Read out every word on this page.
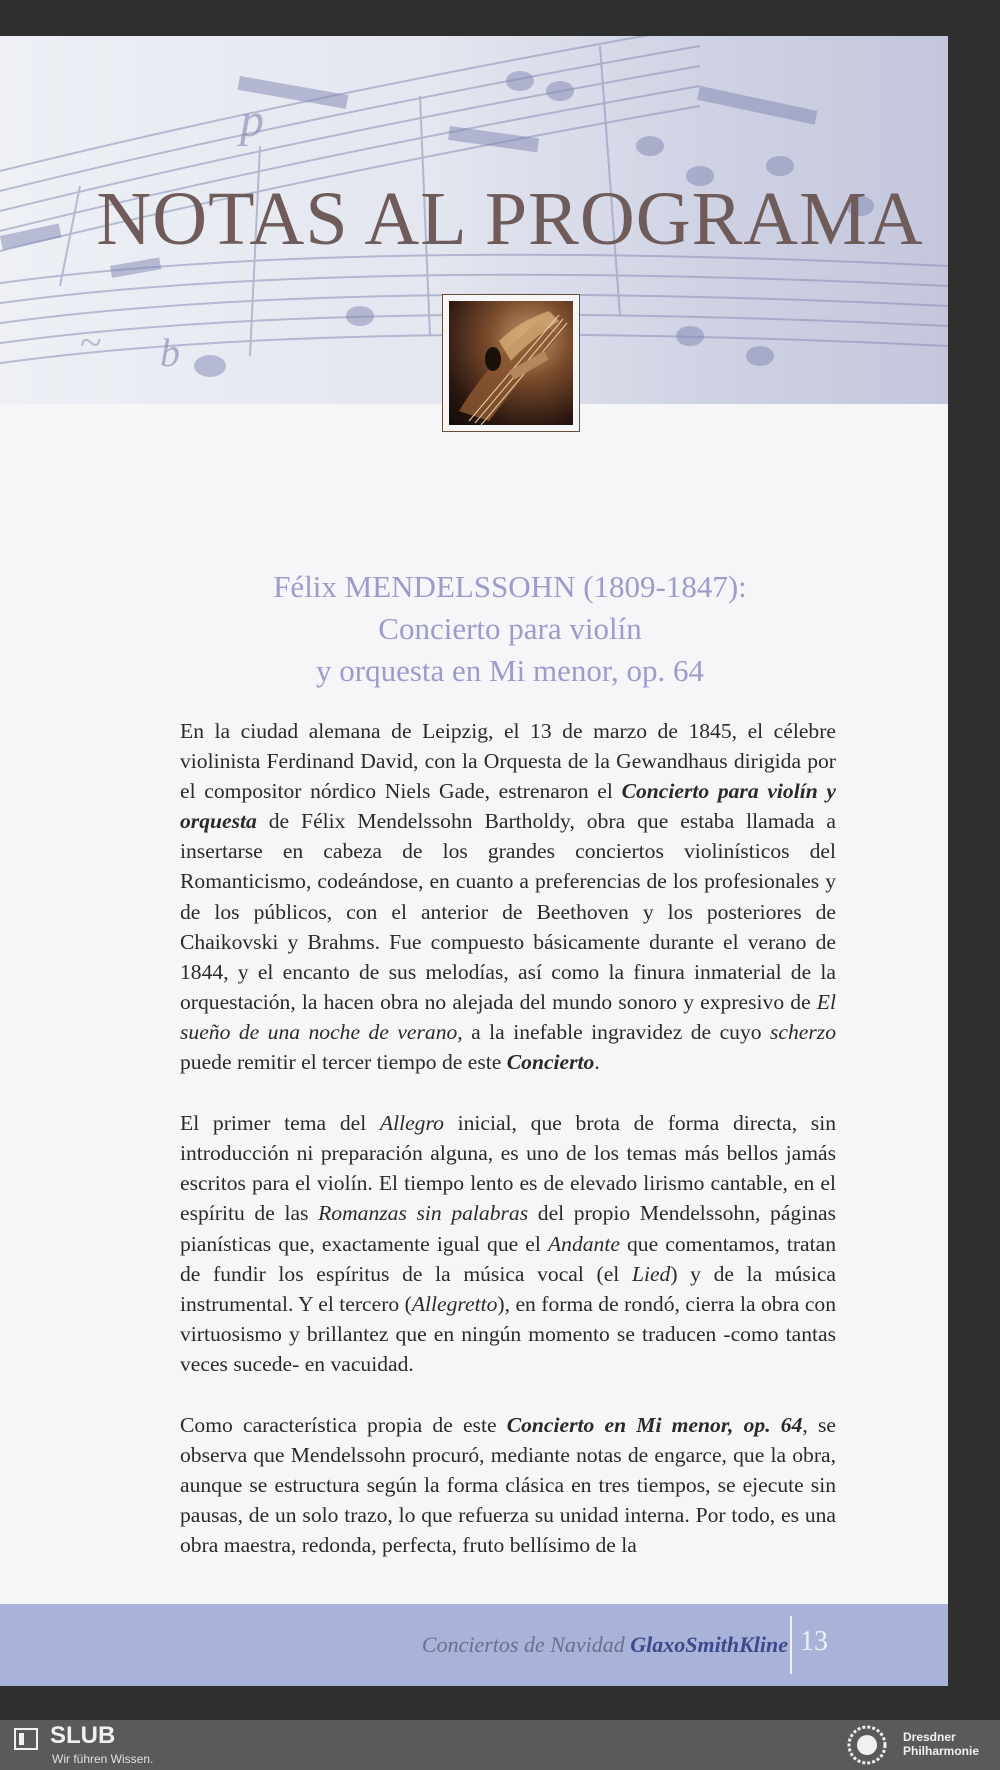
p
b
~
NOTAS AL PROGRAMA
Félix MENDELSSOHN (1809-1847):
Concierto para violín
y orquesta en Mi menor, op. 64

En la ciudad alemana de Leipzig, el 13 de marzo de 1845, el célebre violinista Ferdinand David, con la Orquesta de la Gewandhaus dirigida por el compositor nórdico Niels Gade, estrenaron el Concierto para violín y orquesta de Félix Mendelssohn Bartholdy, obra que estaba llamada a insertarse en cabeza de los grandes conciertos violinísticos del Romanticismo, codeándose, en cuanto a preferencias de los profesionales y de los públicos, con el anterior de Beethoven y los posteriores de Chaikovski y Brahms. Fue compuesto básicamente durante el verano de 1844, y el encanto de sus melodías, así como la finura inmaterial de la orquestación, la hacen obra no alejada del mundo sonoro y expresivo de El sueño de una noche de verano, a la inefable ingravidez de cuyo scherzo puede remitir el tercer tiempo de este Concierto.

El primer tema del Allegro inicial, que brota de forma directa, sin introducción ni preparación alguna, es uno de los temas más bellos jamás escritos para el violín. El tiempo lento es de elevado lirismo cantable, en el espíritu de las Romanzas sin palabras del propio Mendelssohn, páginas pianísticas que, exactamente igual que el Andante que comentamos, tratan de fundir los espíritus de la música vocal (el Lied) y de la música instrumental. Y el tercero (Allegretto), en forma de rondó, cierra la obra con virtuosismo y brillantez que en ningún momento se traducen -como tantas veces sucede- en vacuidad.

Como característica propia de este Concierto en Mi menor, op. 64, se observa que Mendelssohn procuró, mediante notas de engarce, que la obra, aunque se estructura según la forma clásica en tres tiempos, se ejecute sin pausas, de un solo trazo, lo que refuerza su unidad interna. Por todo, es una obra maestra, redonda, perfecta, fruto bellísimo de la

Conciertos de Navidad GlaxoSmithKline 13
SLUB
Wir führen Wissen.
Dresdner
Philharmonie
